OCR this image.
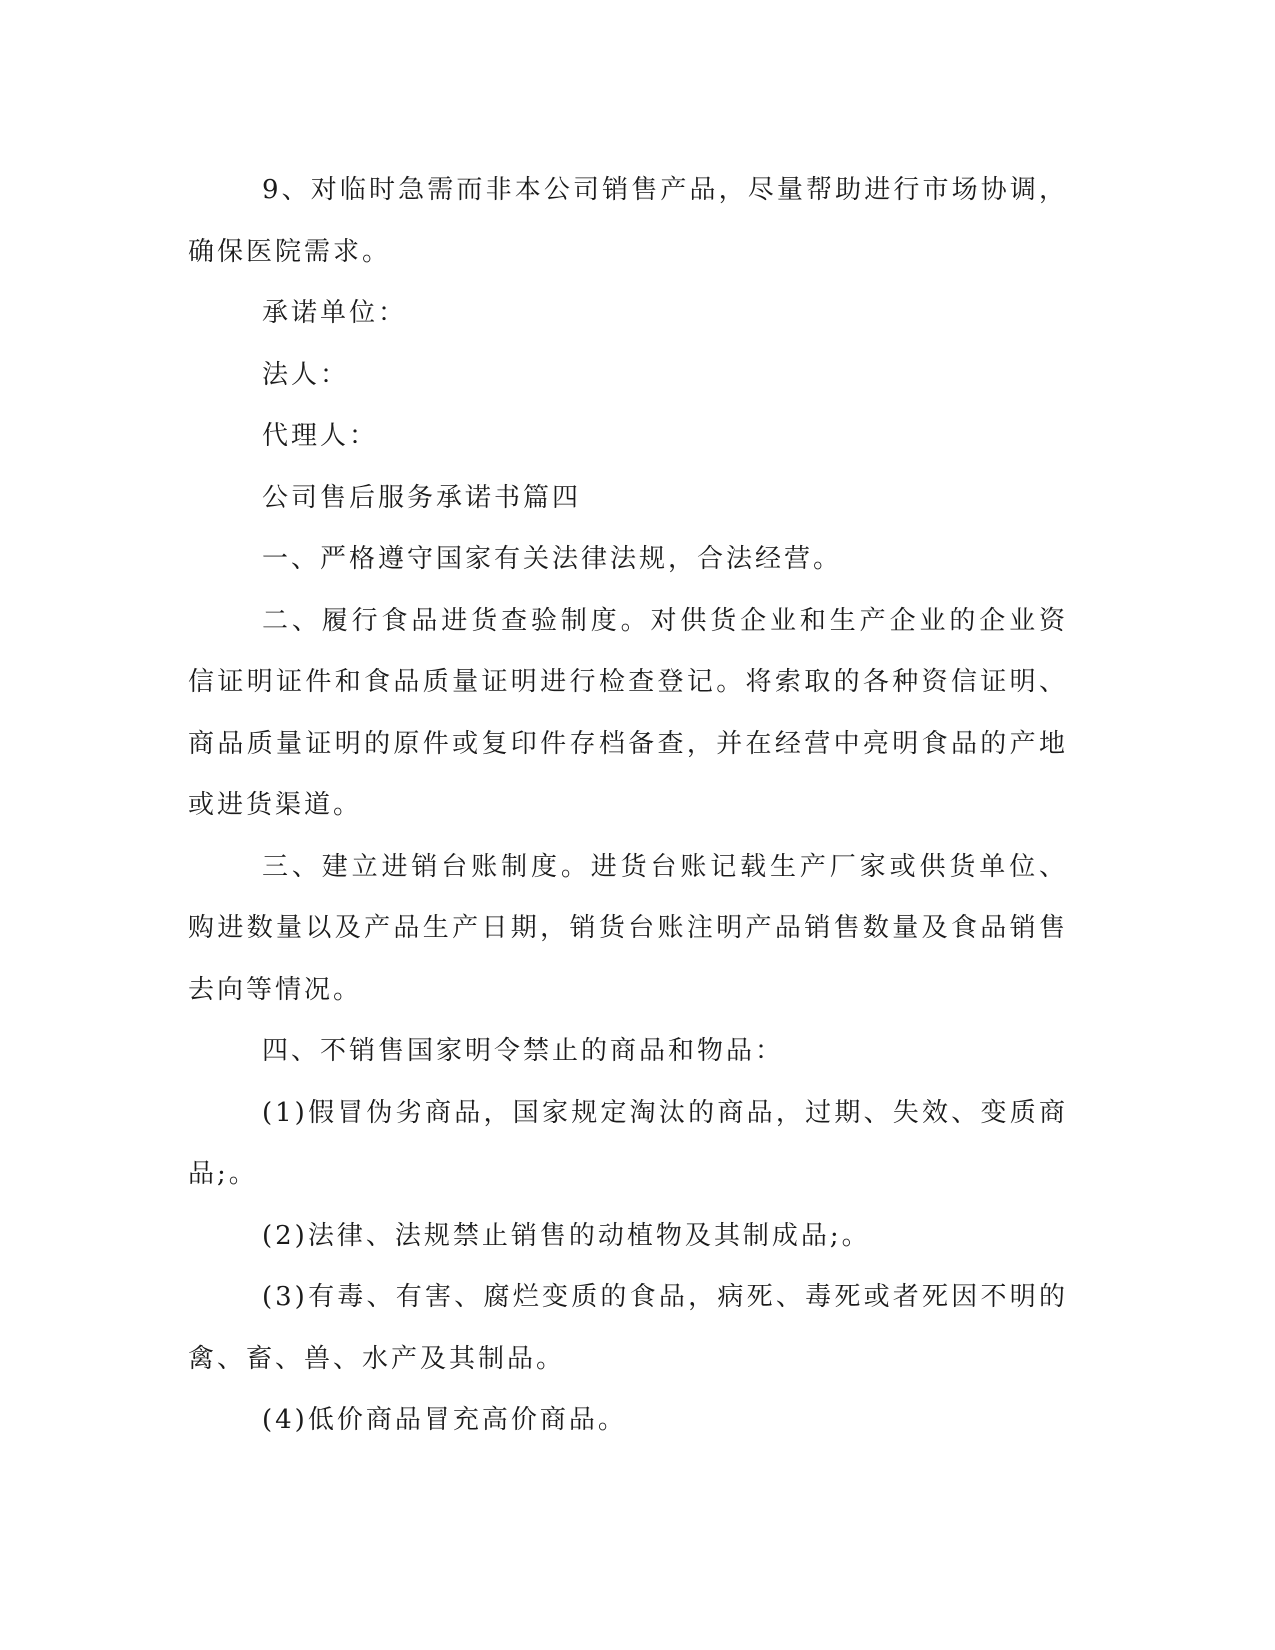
9、对临时急需而非本公司销售产品，尽量帮助进行市场协调，确保医院需求。

承诺单位：

法人：

代理人：

公司售后服务承诺书篇四

一、严格遵守国家有关法律法规，合法经营。

二、履行食品进货查验制度。对供货企业和生产企业的企业资信证明证件和食品质量证明进行检查登记。将索取的各种资信证明、商品质量证明的原件或复印件存档备查，并在经营中亮明食品的产地或进货渠道。

三、建立进销台账制度。进货台账记载生产厂家或供货单位、购进数量以及产品生产日期，销货台账注明产品销售数量及食品销售去向等情况。

四、不销售国家明令禁止的商品和物品：

(1)假冒伪劣商品，国家规定淘汰的商品，过期、失效、变质商品;。

(2)法律、法规禁止销售的动植物及其制成品;。

(3)有毒、有害、腐烂变质的食品，病死、毒死或者死因不明的禽、畜、兽、水产及其制品。

(4)低价商品冒充高价商品。
